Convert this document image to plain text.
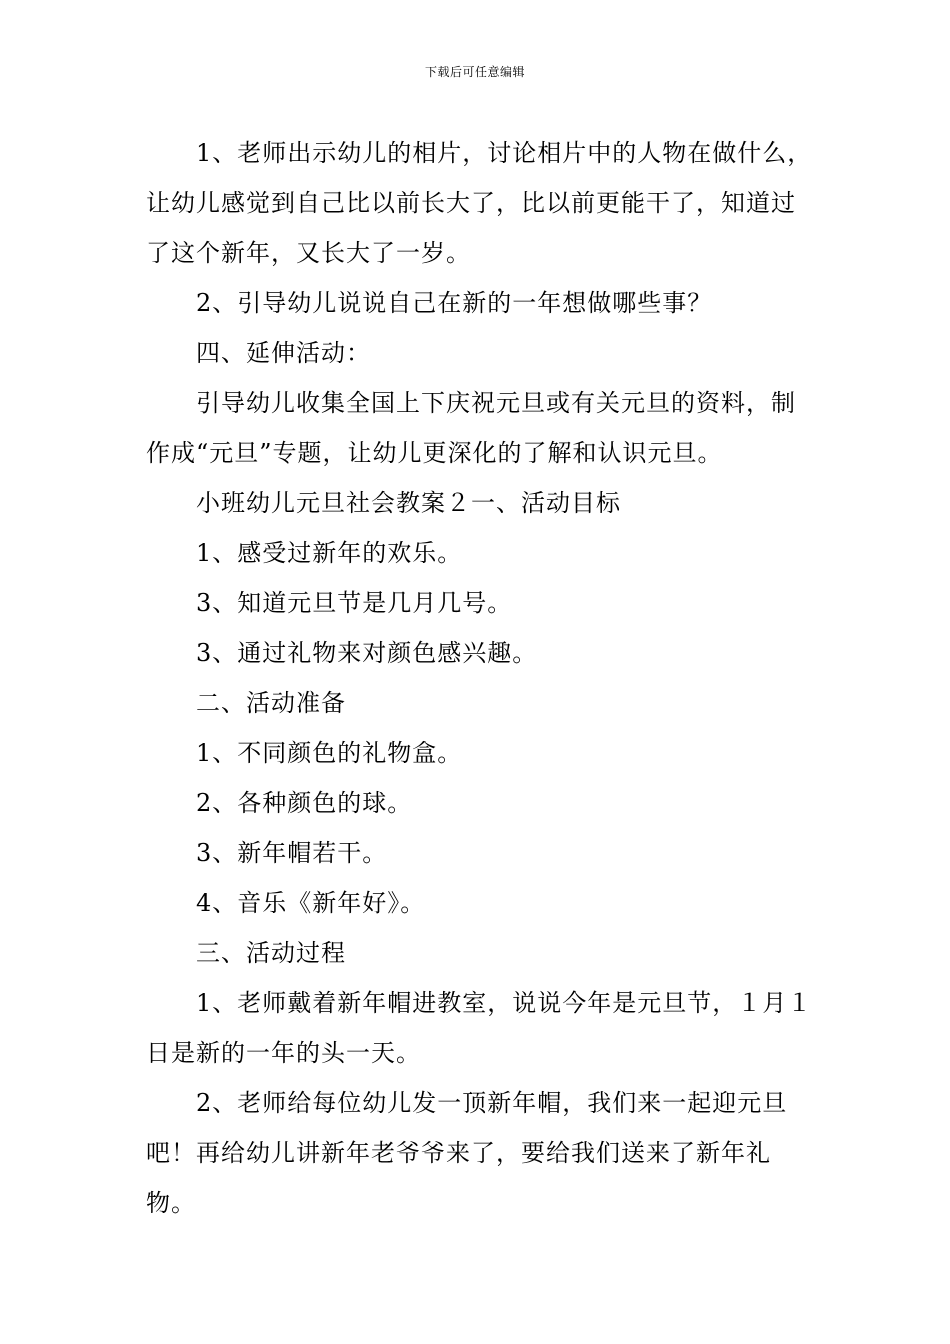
下载后可任意编辑

1、老师出示幼儿的相片，讨论相片中的人物在做什么，让幼儿感觉到自己比以前长大了，比以前更能干了，知道过了这个新年，又长大了一岁。

2、引导幼儿说说自己在新的一年想做哪些事？

四、延伸活动：

引导幼儿收集全国上下庆祝元旦或有关元旦的资料，制作成“元旦”专题，让幼儿更深化的了解和认识元旦。

小班幼儿元旦社会教案２一、活动目标

1、感受过新年的欢乐。

3、知道元旦节是几月几号。

3、通过礼物来对颜色感兴趣。

二、活动准备

1、不同颜色的礼物盒。

2、各种颜色的球。

3、新年帽若干。

4、音乐《新年好》。

三、活动过程

1、老师戴着新年帽进教室，说说今年是元旦节，１月１日是新的一年的头一天。

2、老师给每位幼儿发一顶新年帽，我们来一起迎元旦吧！再给幼儿讲新年老爷爷来了，要给我们送来了新年礼物。
